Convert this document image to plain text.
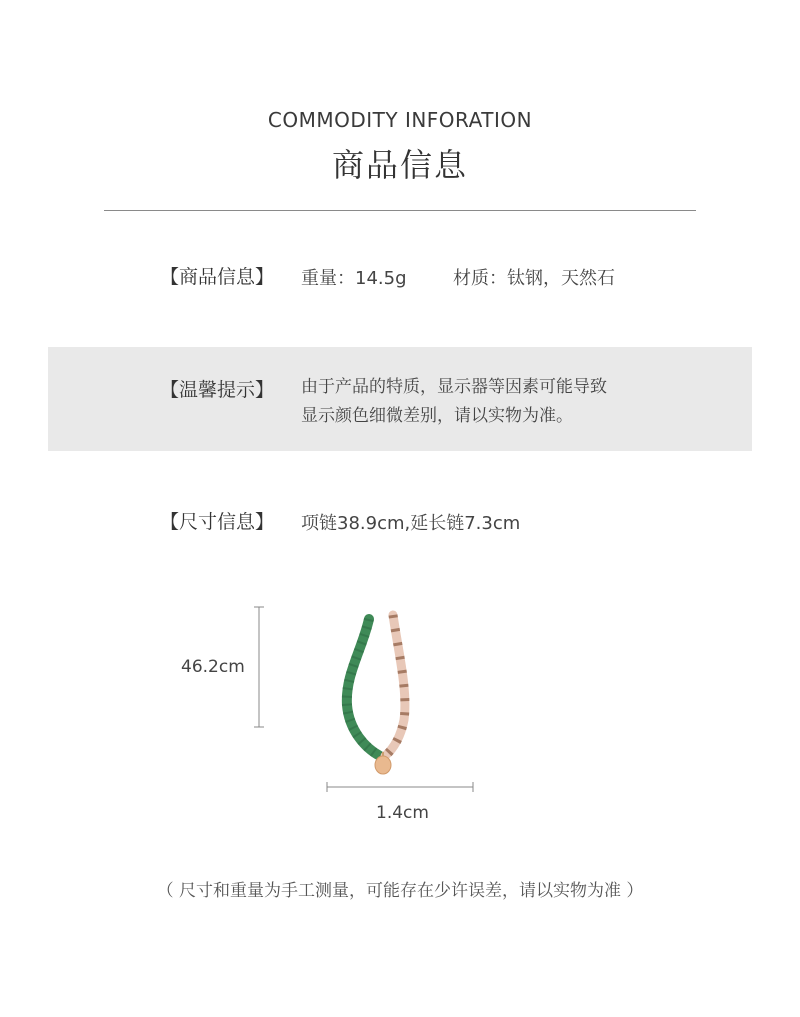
COMMODITY INFORATION
商品信息
【商品信息】 重量：14.5g	材质：钛钢，天然石
【温馨提示】 由于产品的特质，显示器等因素可能导致
显示颜色细微差别，请以实物为准。
【尺寸信息】 项链38.9cm,延长链7.3cm
46.2cm
1.4cm
（ 尺寸和重量为手工测量，可能存在少许误差，请以实物为准 ）
